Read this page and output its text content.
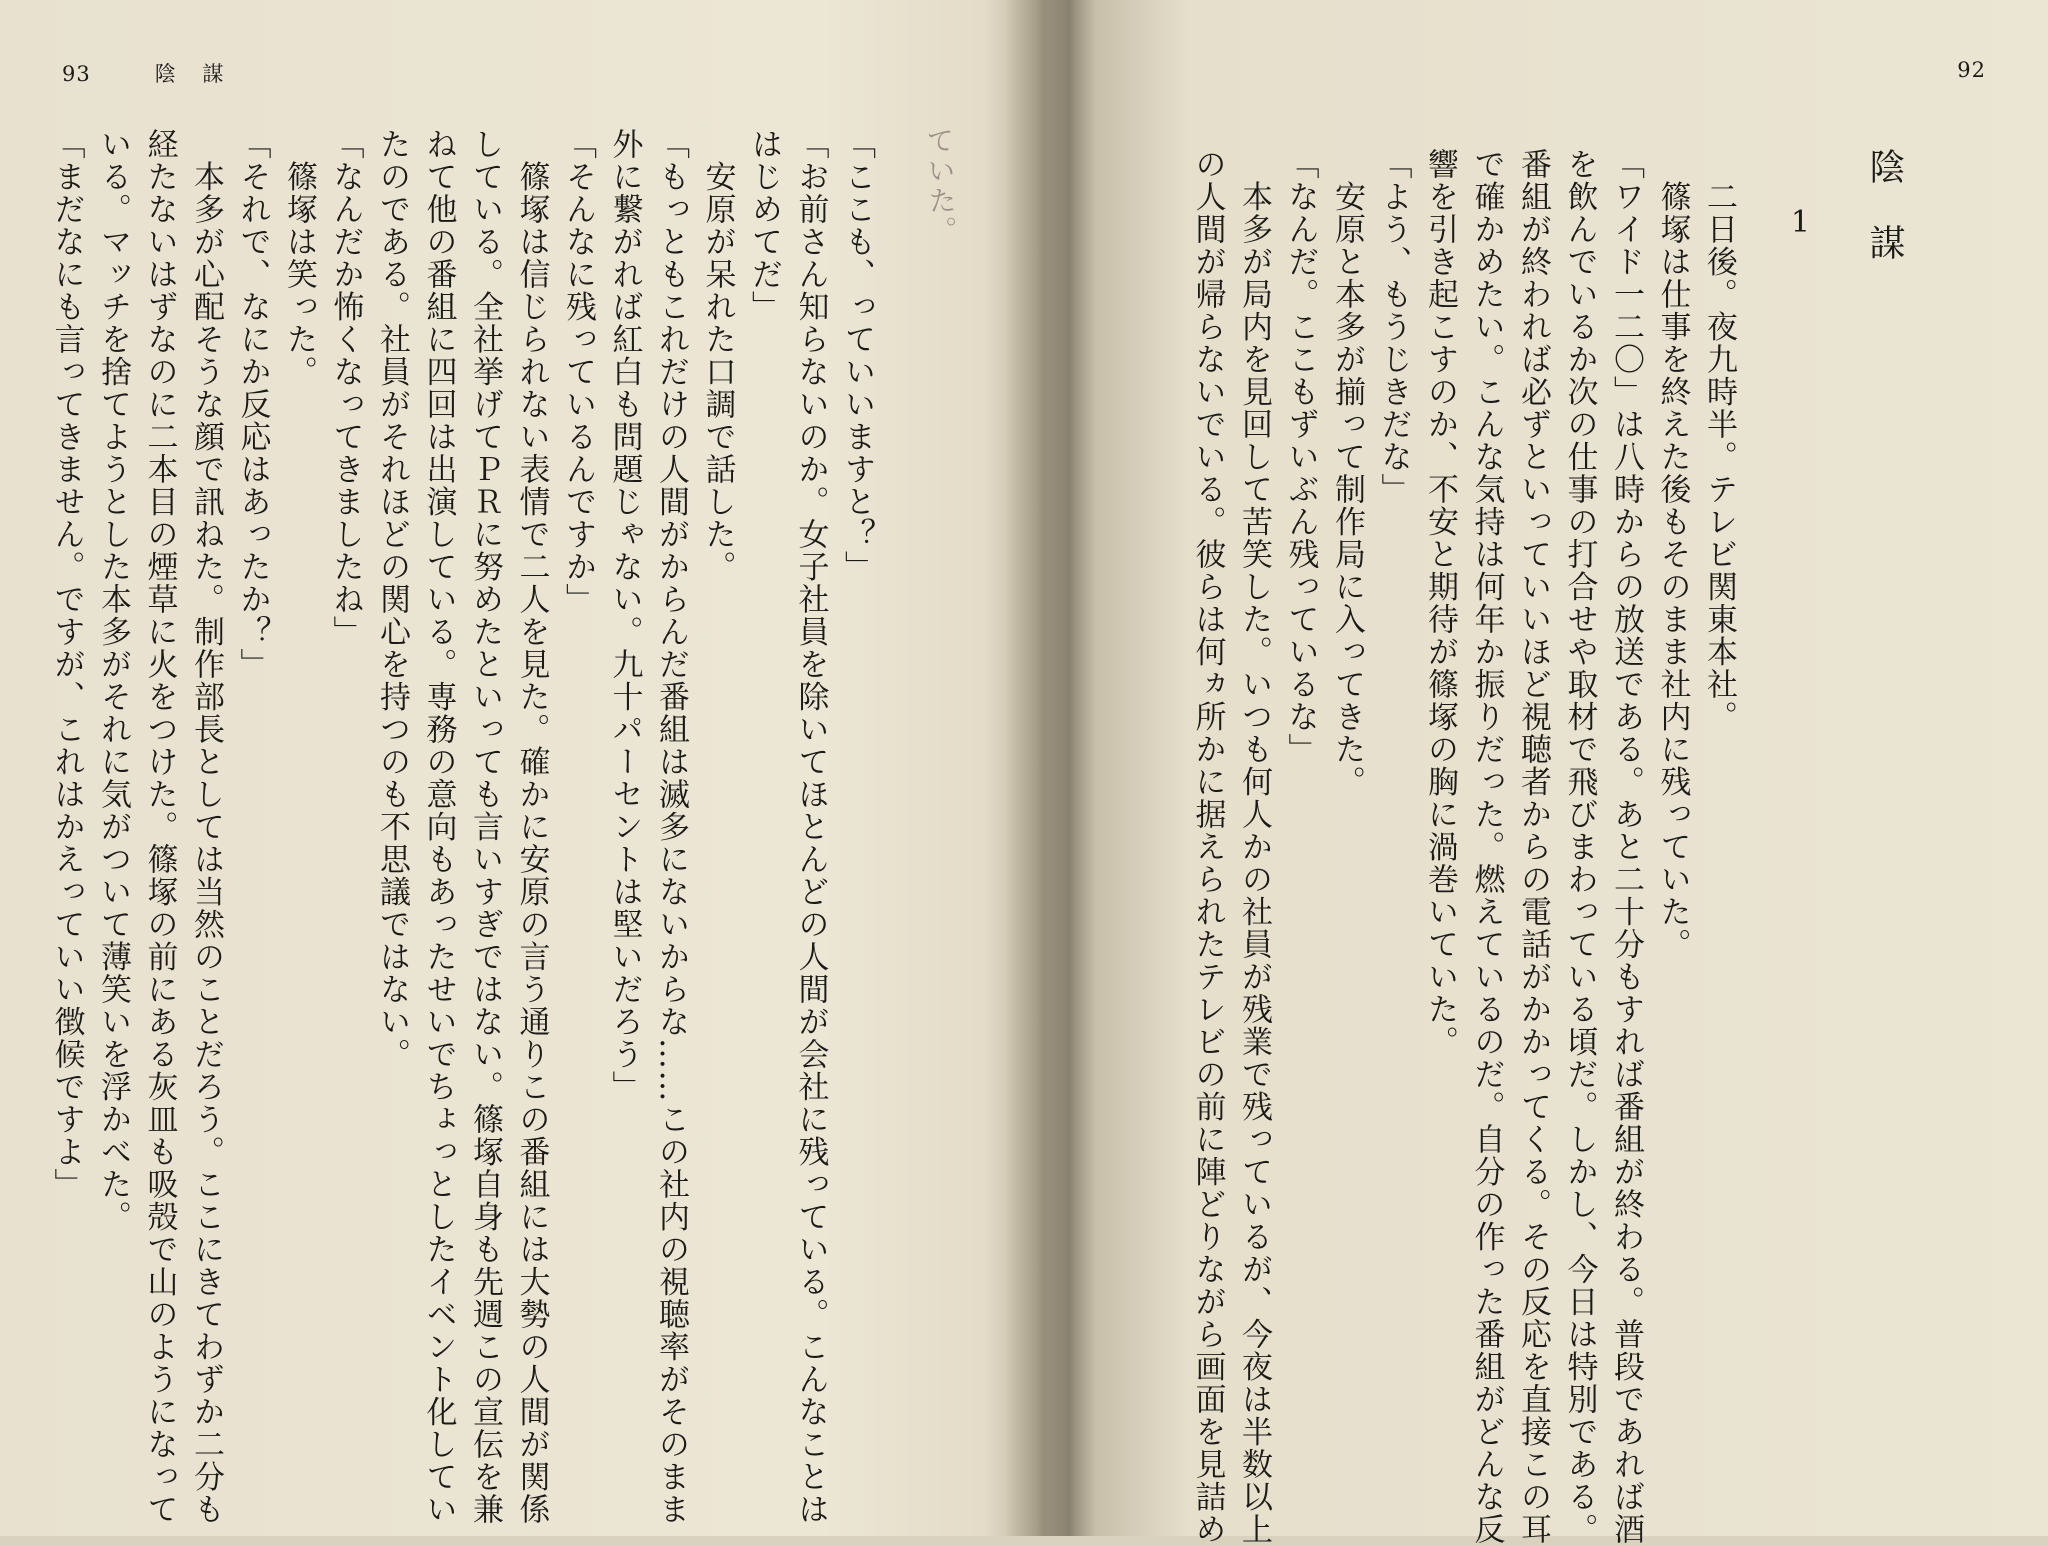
93	陰 謀
ていた。
「ここも、っていいますと？」
「お前さん知らないのか。女子社員を除いてほとんどの人間が会社に残っている。こんなことは
はじめてだ」
　安原が呆れた口調で話した。
「もっともこれだけの人間がからんだ番組は滅多にないからな……この社内の視聴率がそのまま
外に繋がれば紅白も問題じゃない。九十パーセントは堅いだろう」
「そんなに残っているんですか」
　篠塚は信じられない表情で二人を見た。確かに安原の言う通りこの番組には大勢の人間が関係
している。全社挙げてＰＲに努めたといっても言いすぎではない。篠塚自身も先週この宣伝を兼
ねて他の番組に四回は出演している。専務の意向もあったせいでちょっとしたイベント化してい
たのである。社員がそれほどの関心を持つのも不思議ではない。
「なんだか怖くなってきましたね」
　篠塚は笑った。
「それで、なにか反応はあったか？」
　本多が心配そうな顔で訊ねた。制作部長としては当然のことだろう。ここにきてわずか二分も
経たないはずなのに二本目の煙草に火をつけた。篠塚の前にある灰皿も吸殻で山のようになって
いる。マッチを捨てようとした本多がそれに気がついて薄笑いを浮かべた。
「まだなにも言ってきません。ですが、これはかえっていい徴候ですよ」
92
陰謀
1
　二日後。夜九時半。テレビ関東本社。
　篠塚は仕事を終えた後もそのまま社内に残っていた。
「ワイド一二〇」は八時からの放送である。あと二十分もすれば番組が終わる。普段であれば酒
を飲んでいるか次の仕事の打合せや取材で飛びまわっている頃だ。しかし、今日は特別である。
番組が終われば必ずといっていいほど視聴者からの電話がかかってくる。その反応を直接この耳
で確かめたい。こんな気持は何年か振りだった。燃えているのだ。自分の作った番組がどんな反
響を引き起こすのか、不安と期待が篠塚の胸に渦巻いていた。
「よう、もうじきだな」
　安原と本多が揃って制作局に入ってきた。
「なんだ。ここもずいぶん残っているな」
　本多が局内を見回して苦笑した。いつも何人かの社員が残業で残っているが、今夜は半数以上
の人間が帰らないでいる。彼らは何ヵ所かに据えられたテレビの前に陣どりながら画面を見詰め
